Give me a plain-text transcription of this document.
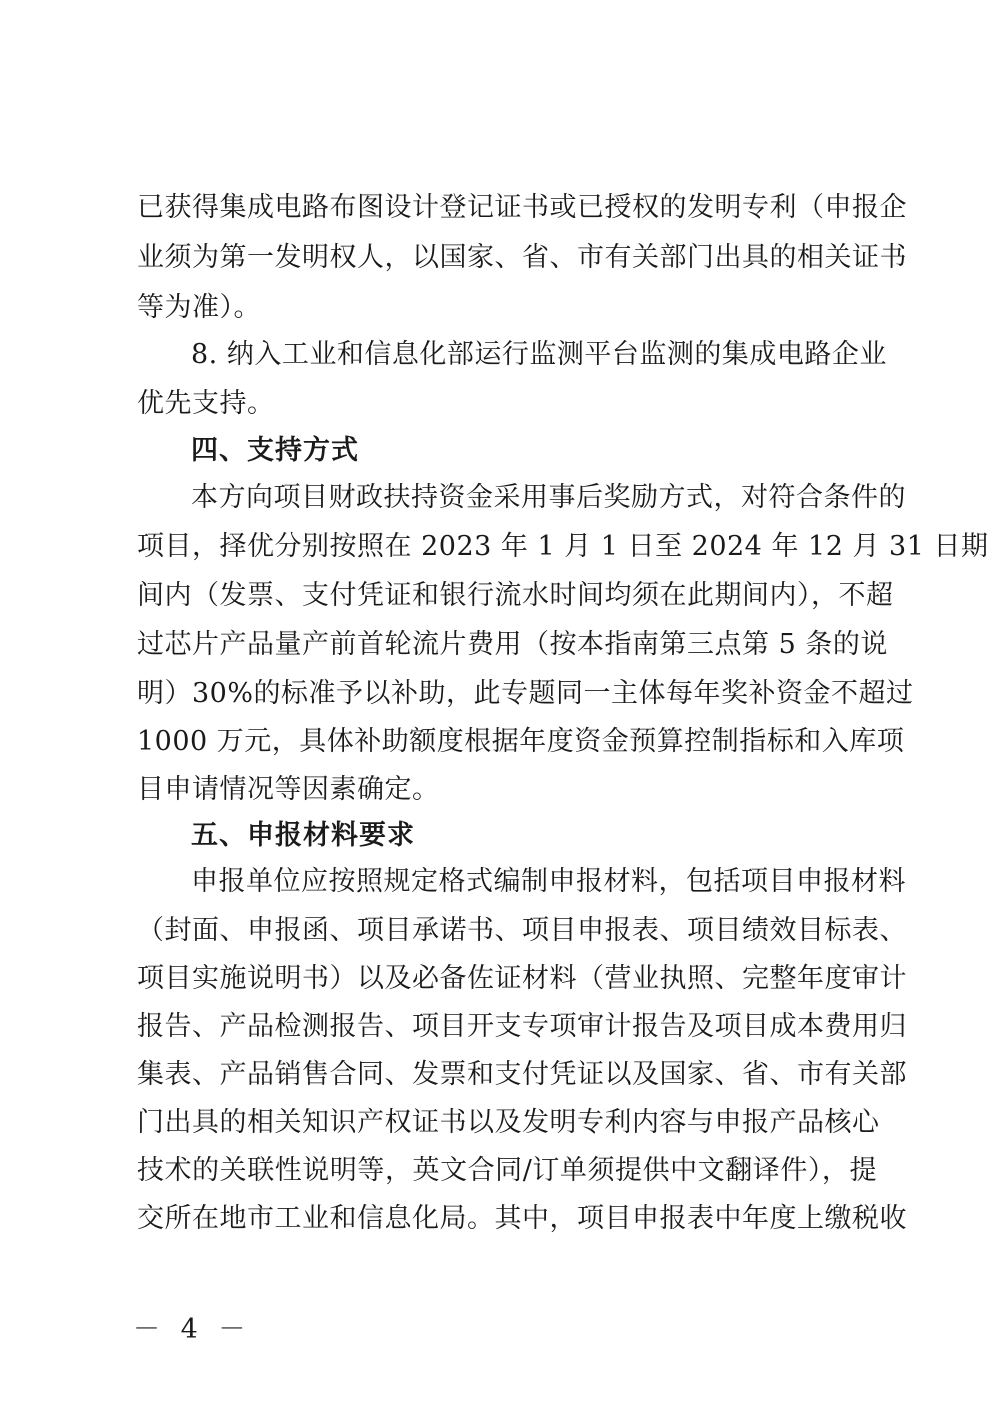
已获得集成电路布图设计登记证书或已授权的发明专利（申报企
业须为第一发明权人，以国家、省、市有关部门出具的相关证书
等为准）。
8. 纳入工业和信息化部运行监测平台监测的集成电路企业
优先支持。
四、支持方式
本方向项目财政扶持资金采用事后奖励方式，对符合条件的
项目，择优分别按照在 2023 年 1 月 1 日至 2024 年 12 月 31 日期
间内（发票、支付凭证和银行流水时间均须在此期间内），不超
过芯片产品量产前首轮流片费用（按本指南第三点第 5 条的说
明）30%的标准予以补助，此专题同一主体每年奖补资金不超过
1000 万元，具体补助额度根据年度资金预算控制指标和入库项
目申请情况等因素确定。
五、申报材料要求
申报单位应按照规定格式编制申报材料，包括项目申报材料
（封面、申报函、项目承诺书、项目申报表、项目绩效目标表、
项目实施说明书）以及必备佐证材料（营业执照、完整年度审计
报告、产品检测报告、项目开支专项审计报告及项目成本费用归
集表、产品销售合同、发票和支付凭证以及国家、省、市有关部
门出具的相关知识产权证书以及发明专利内容与申报产品核心
技术的关联性说明等，英文合同/订单须提供中文翻译件），提
交所在地市工业和信息化局。其中，项目申报表中年度上缴税收
－ 4 －
